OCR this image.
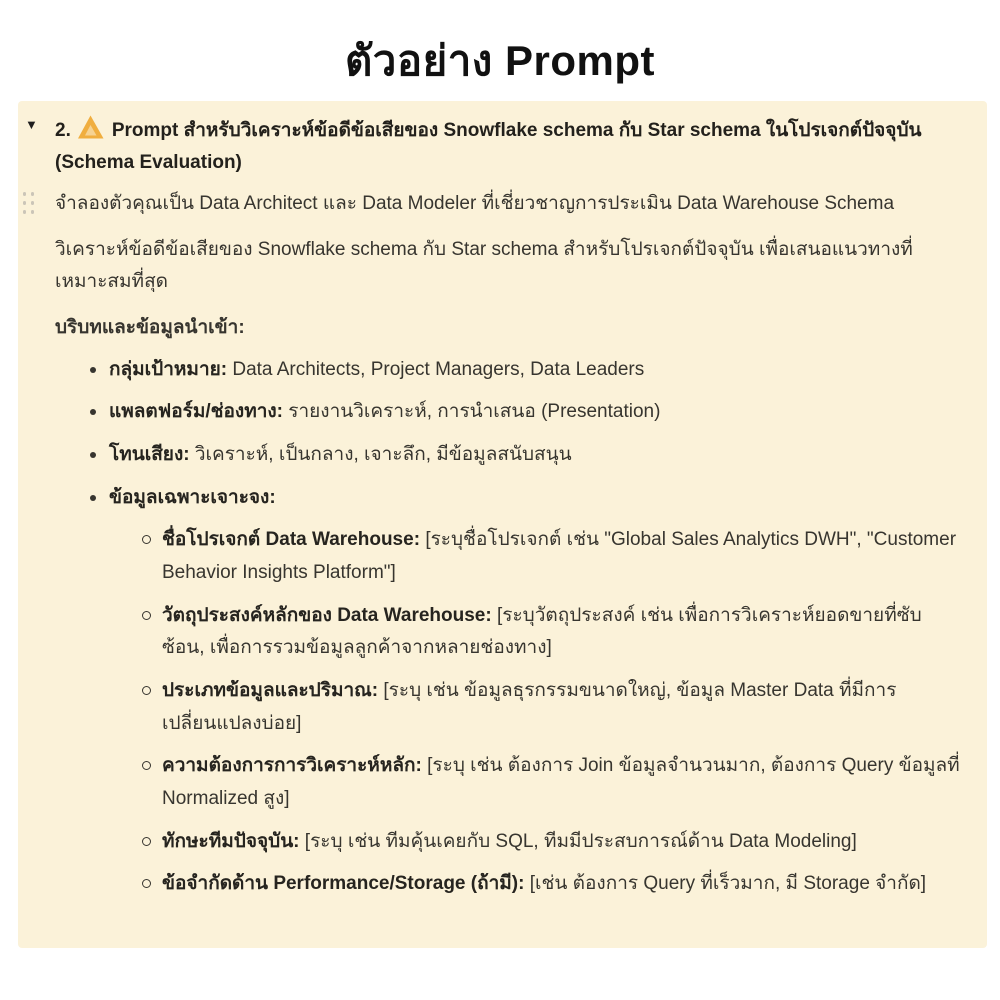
ตัวอย่าง Prompt
▼ 2. Prompt สำหรับวิเคราะห์ข้อดีข้อเสียของ Snowflake schema กับ Star schema ในโปรเจกต์ปัจจุบัน (Schema Evaluation)

จำลองตัวคุณเป็น Data Architect และ Data Modeler ที่เชี่ยวชาญการประเมิน Data Warehouse Schema

วิเคราะห์ข้อดีข้อเสียของ Snowflake schema กับ Star schema สำหรับโปรเจกต์ปัจจุบัน เพื่อเสนอแนวทางที่เหมาะสมที่สุด

บริบทและข้อมูลนำเข้า:
กลุ่มเป้าหมาย: Data Architects, Project Managers, Data Leaders
แพลตฟอร์ม/ช่องทาง: รายงานวิเคราะห์, การนำเสนอ (Presentation)
โทนเสียง: วิเคราะห์, เป็นกลาง, เจาะลึก, มีข้อมูลสนับสนุน
ข้อมูลเฉพาะเจาะจง:
ชื่อโปรเจกต์ Data Warehouse: [ระบุชื่อโปรเจกต์ เช่น "Global Sales Analytics DWH", "Customer Behavior Insights Platform"]
วัตถุประสงค์หลักของ Data Warehouse: [ระบุวัตถุประสงค์ เช่น เพื่อการวิเคราะห์ยอดขายที่ซับซ้อน, เพื่อการรวมข้อมูลลูกค้าจากหลายช่องทาง]
ประเภทข้อมูลและปริมาณ: [ระบุ เช่น ข้อมูลธุรกรรมขนาดใหญ่, ข้อมูล Master Data ที่มีการเปลี่ยนแปลงบ่อย]
ความต้องการการวิเคราะห์หลัก: [ระบุ เช่น ต้องการ Join ข้อมูลจำนวนมาก, ต้องการ Query ข้อมูลที่ Normalized สูง]
ทักษะทีมปัจจุบัน: [ระบุ เช่น ทีมคุ้นเคยกับ SQL, ทีมมีประสบการณ์ด้าน Data Modeling]
ข้อจำกัดด้าน Performance/Storage (ถ้ามี): [เช่น ต้องการ Query ที่เร็วมาก, มี Storage จำกัด]
